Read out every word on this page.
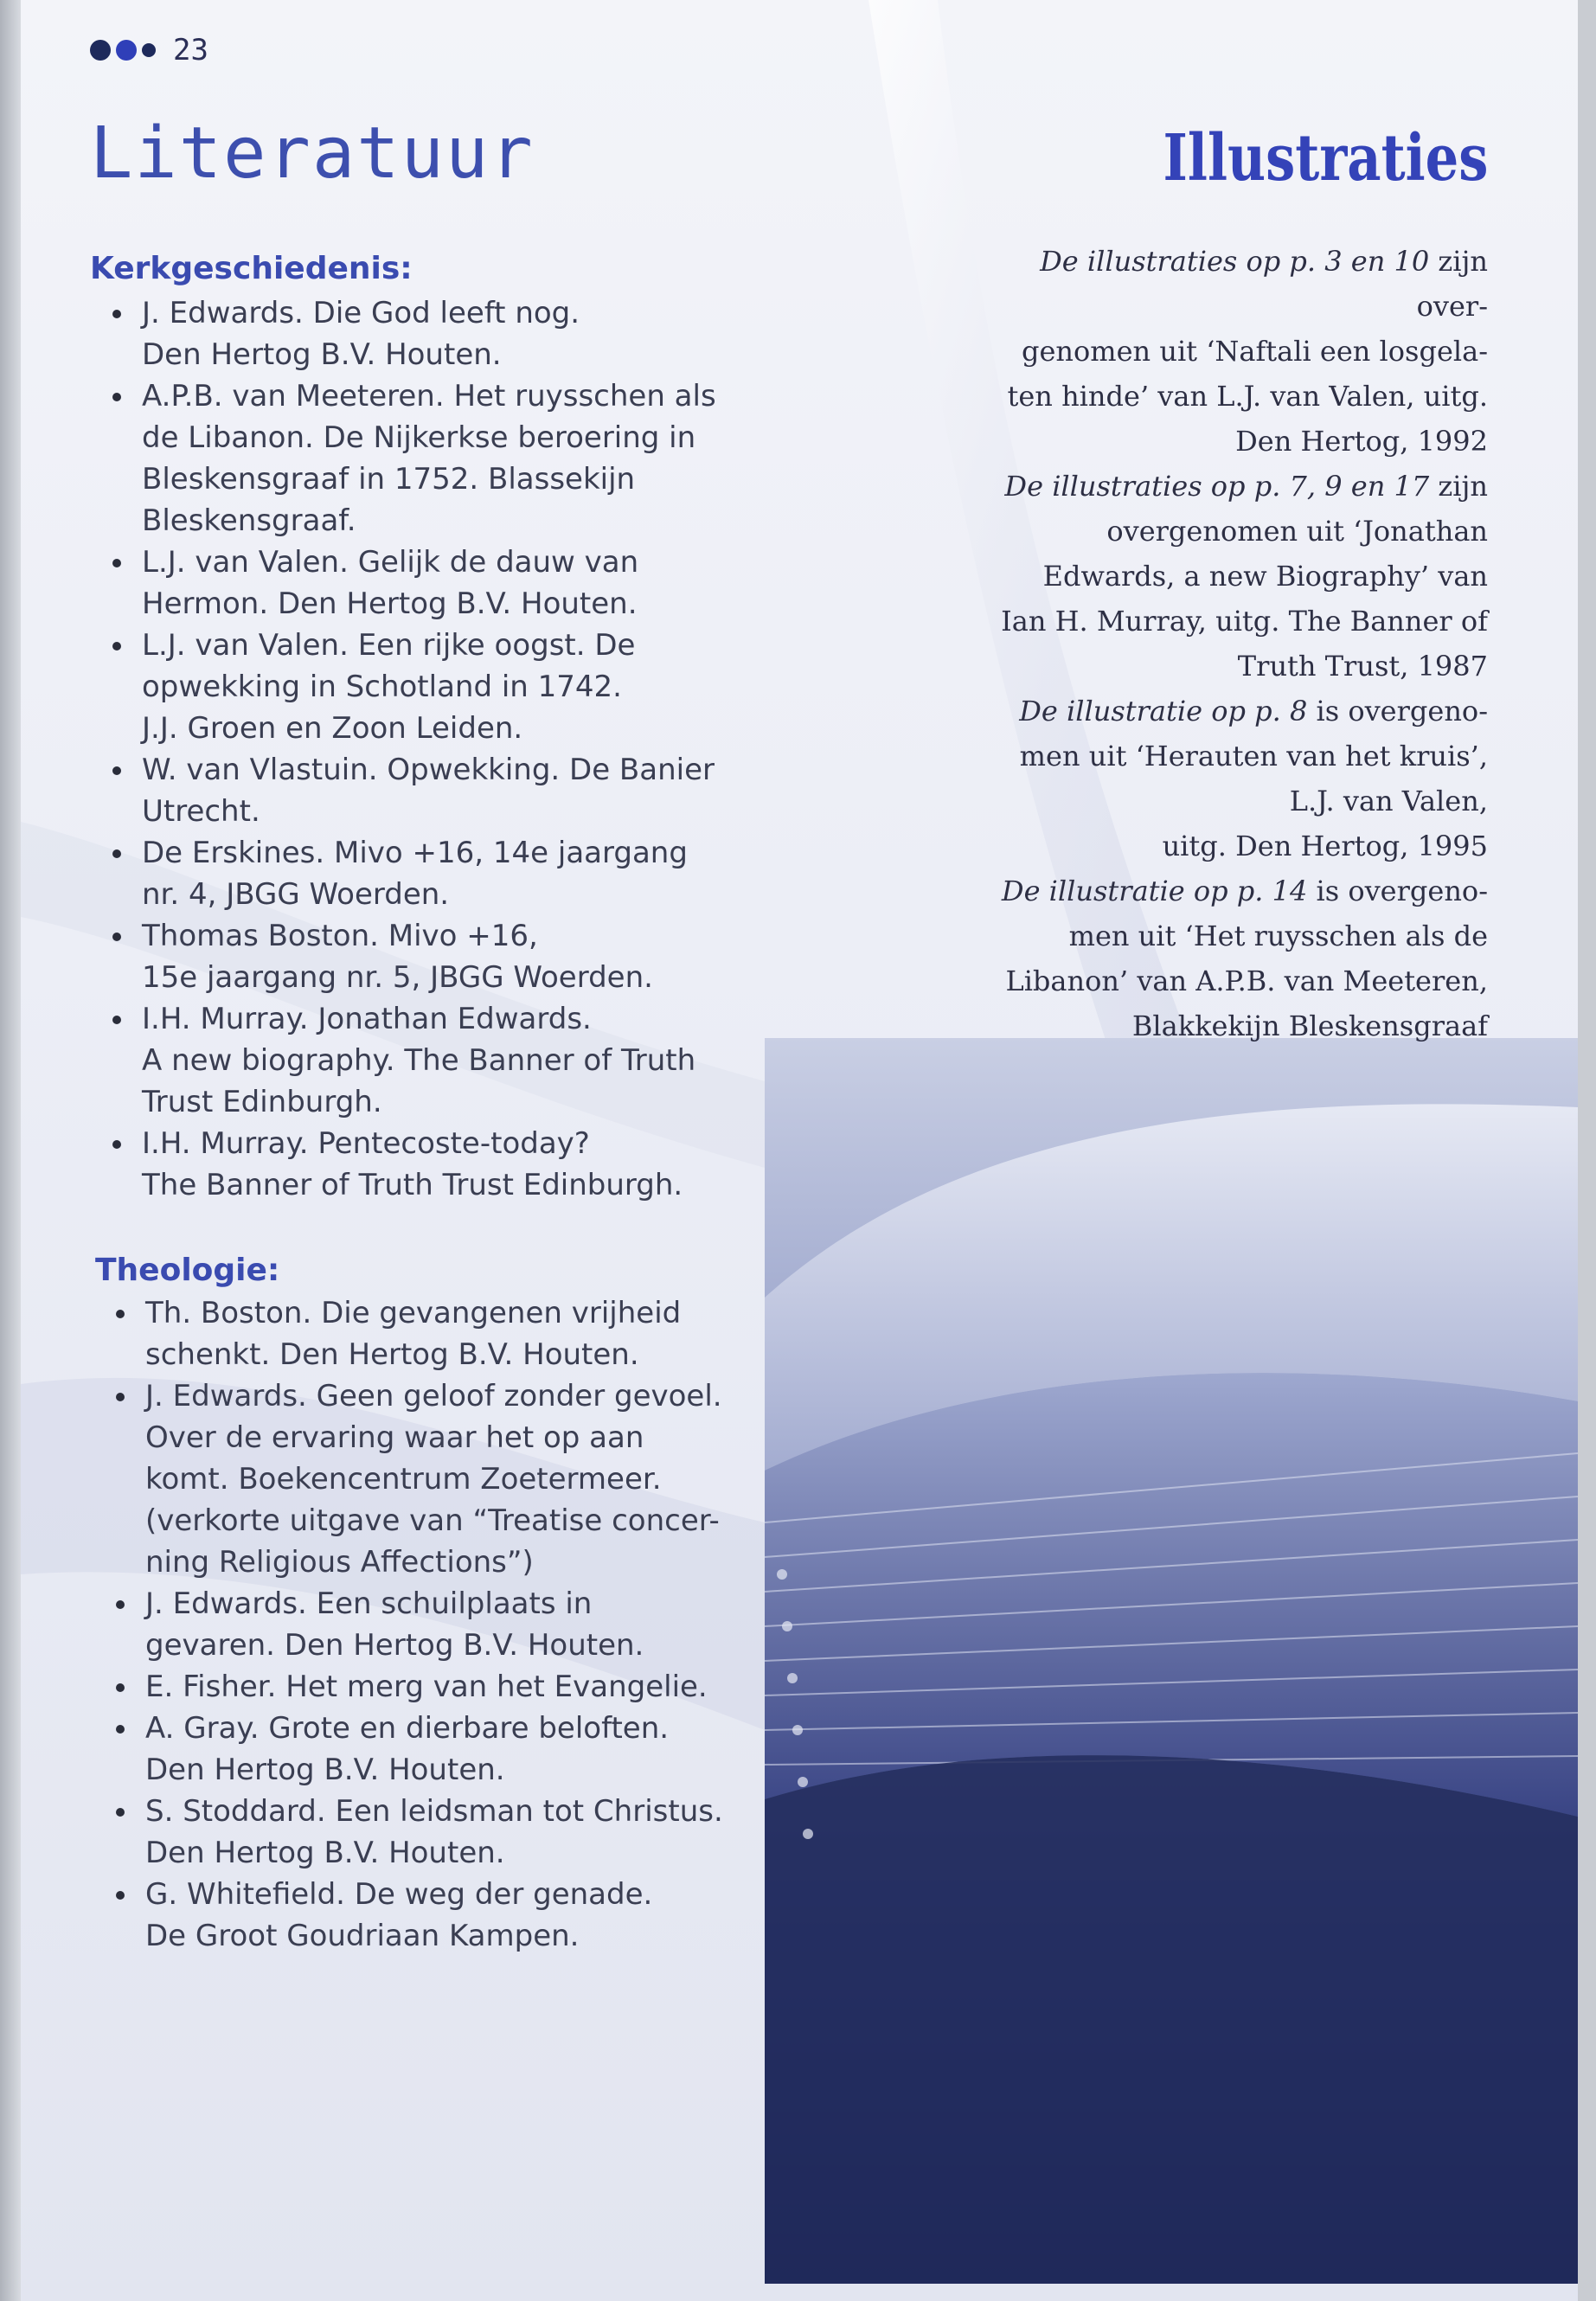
23
Literatuur	Illustraties
Kerkgeschiedenis:
J. Edwards. Die God leeft nog.
Den Hertog B.V. Houten.
A.P.B. van Meeteren. Het ruysschen als
de Libanon. De Nijkerkse beroering in
Bleskensgraaf in 1752. Blassekijn
Bleskensgraaf.
L.J. van Valen. Gelijk de dauw van
Hermon. Den Hertog B.V. Houten.
L.J. van Valen. Een rijke oogst. De
opwekking in Schotland in 1742.
J.J. Groen en Zoon Leiden.
W. van Vlastuin. Opwekking. De Banier
Utrecht.
De Erskines. Mivo +16, 14e jaargang
nr. 4, JBGG Woerden.
Thomas Boston. Mivo +16,
15e jaargang nr. 5, JBGG Woerden.
I.H. Murray. Jonathan Edwards.
A new biography. The Banner of Truth
Trust Edinburgh.
I.H. Murray. Pentecoste-today?
The Banner of Truth Trust Edinburgh.
Theologie:
Th. Boston. Die gevangenen vrijheid
schenkt. Den Hertog B.V. Houten.
J. Edwards. Geen geloof zonder gevoel.
Over de ervaring waar het op aan
komt. Boekencentrum Zoetermeer.
(verkorte uitgave van “Treatise concer-
ning Religious Affections”)
J. Edwards. Een schuilplaats in
gevaren. Den Hertog B.V. Houten.
E. Fisher. Het merg van het Evangelie.
A. Gray. Grote en dierbare beloften.
Den Hertog B.V. Houten.
S. Stoddard. Een leidsman tot Christus.
Den Hertog B.V. Houten.
G. Whitefield. De weg der genade.
De Groot Goudriaan Kampen.

De illustraties op p. 3 en 10 zijn over-
genomen uit ‘Naftali een losgela-
ten hinde’ van L.J. van Valen, uitg.
Den Hertog, 1992

De illustraties op p. 7, 9 en 17 zijn
overgenomen uit ‘Jonathan
Edwards, a new Biography’ van
Ian H. Murray, uitg. The Banner of
Truth Trust, 1987

De illustratie op p. 8 is overgeno-
men uit ‘Herauten van het kruis’,
L.J. van Valen,
uitg. Den Hertog, 1995

De illustratie op p. 14 is overgeno-
men uit ‘Het ruysschen als de
Libanon’ van A.P.B. van Meeteren,
Blakkekijn Bleskensgraaf
